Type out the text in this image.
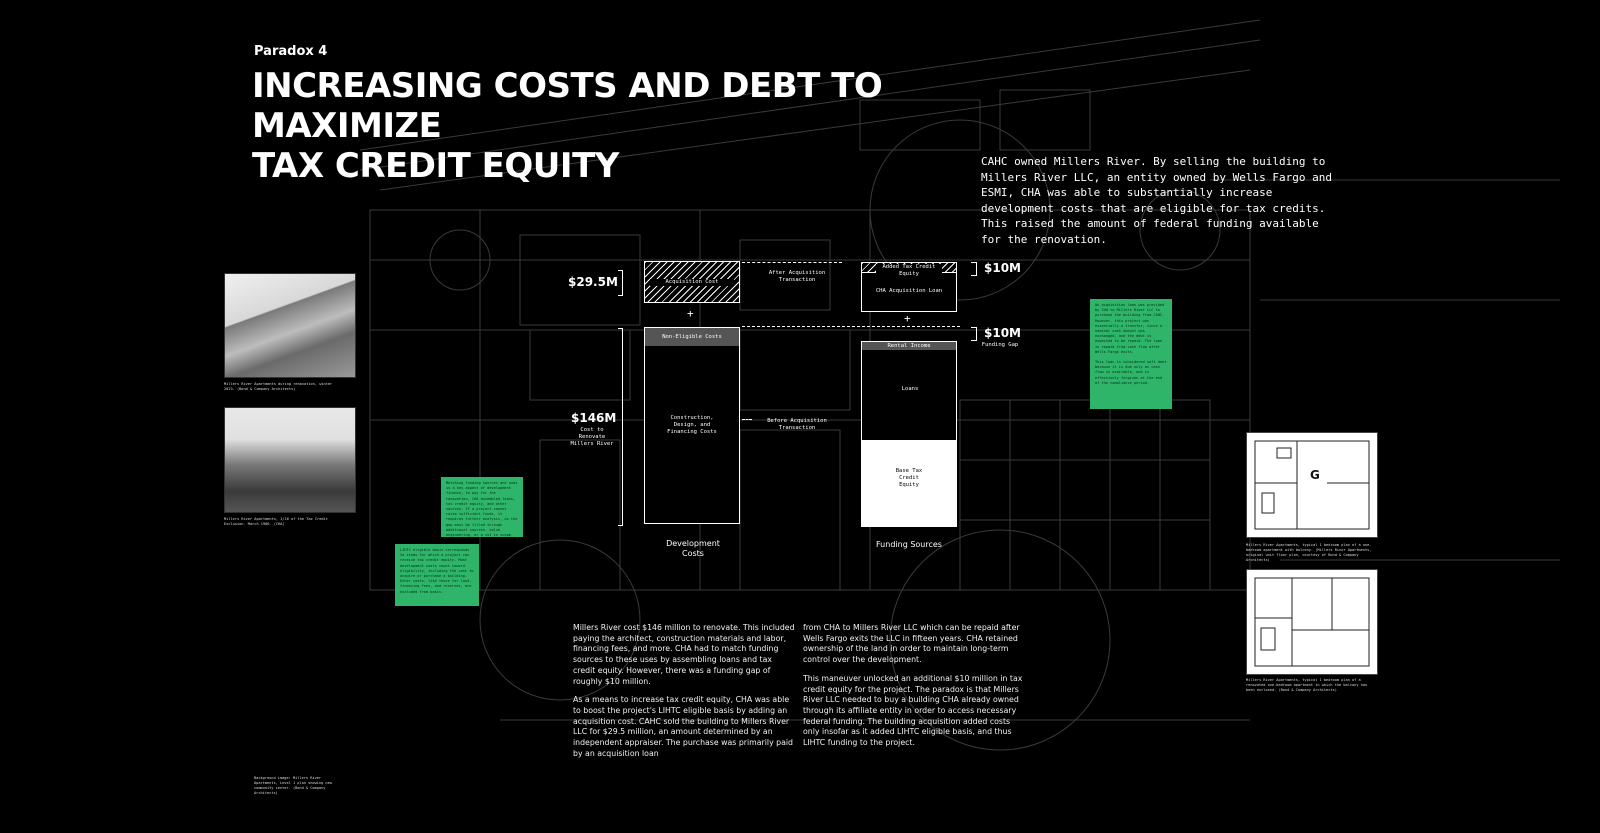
Paradox 4
INCREASING COSTS AND DEBT TO MAXIMIZE
TAX CREDIT EQUITY	CAHC owned Millers River. By selling the building to Millers River LLC, an entity owned by Wells Fargo and ESMI, CHA was able to substantially increase development costs that are eligible for tax credits. This raised the amount of federal funding available for the renovation.
Millers River Apartments during renovation, winter 2023. (Bond & Company Architects)
Millers River Apartments, 1/16 of the Tax Credit Exclusion. March 1986. (CHA)
Matching funding sources and uses is a key aspect of development finance, to pay for the renovation, CHA assembled loans, tax credit equity, and other sources. If a project cannot raise sufficient funds, it requires further analysis, as the gap must be filled through additional sources, value engineering, or a cut in scope.
LIHTC eligible basis corresponds to items for which a project can receive tax credit equity. Most development costs count toward eligibility, including the cost to acquire or purchase a building. Other costs, like those for land, financing fees, and reserves, are excluded from basis.
An acquisition loan was provided by CHA to Millers River LLC to purchase the building from CAHC. However, this project was essentially a transfer, since a nominal cash amount was exchanged, and the debt is expected to be repaid. The loan is repaid from cash flow after Wells Fargo exits.
This loan is considered soft debt because it is due only as cash flow is available, and is effectively forgiven at the end of the compliance period.
$29.5M	Acquisition Cost
+
Non-Eligible Costs
Construction, Design, and Financing Costs
$146M
Cost to Renovate Millers River
Development Costs
After Acquisition Transaction
Before Acquisition Transaction
Added Tax Credit Equity
CHA Acquisition Loan
+
Rental Income
Loans
Base Tax Credit Equity
Funding Sources
$10M
$10M
Funding Gap

Millers River cost $146 million to renovate. This included paying the architect, construction materials and labor, financing fees, and more. CHA had to match funding sources to these uses by assembling loans and tax credit equity. However, there was a funding gap of roughly $10 million.

As a means to increase tax credit equity, CHA was able to boost the project's LIHTC eligible basis by adding an acquisition cost. CAHC sold the building to Millers River LLC for $29.5 million, an amount determined by an independent appraiser. The purchase was primarily paid by an acquisition loan

from CHA to Millers River LLC which can be repaid after Wells Fargo exits the LLC in fifteen years. CHA retained ownership of the land in order to maintain long-term control over the development.

This maneuver unlocked an additional $10 million in tax credit equity for the project. The paradox is that Millers River LLC needed to buy a building CHA already owned through its affiliate entity in order to access necessary federal funding. The building acquisition added costs only insofar as it added LIHTC eligible basis, and thus LIHTC funding to the project.

G
Millers River Apartments, typical 1 bedroom plan of a one-bedroom apartment with balcony. (Millers River Apartments, original unit floor plan, courtesy of Bond & Company Architects)
Millers River Apartments, typical 1 bedroom plan of a renovated one-bedroom apartment in which the balcony has been enclosed. (Bond & Company Architects)
Background image: Millers River Apartments, Level 1 plan showing new community center. (Bond & Company Architects)
